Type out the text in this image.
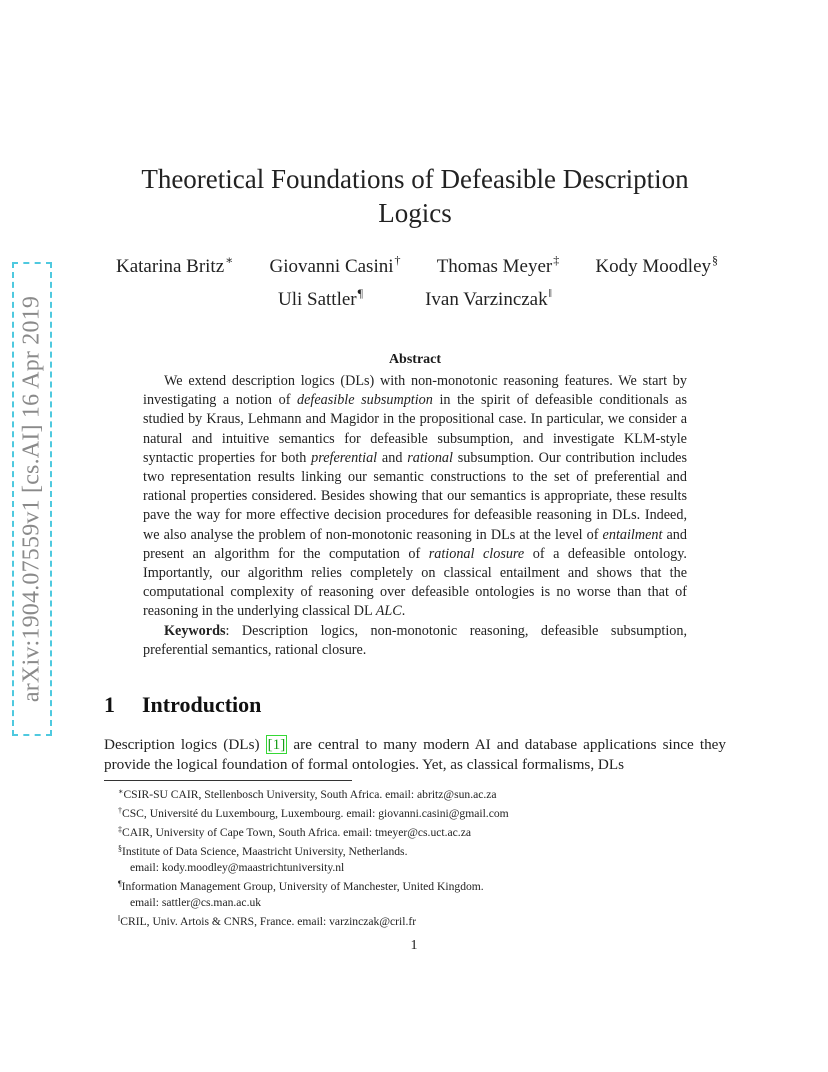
arXiv:1904.07559v1 [cs.AI] 16 Apr 2019
Theoretical Foundations of Defeasible Description Logics
Katarina Britz∗ Giovanni Casini† Thomas Meyer‡ Kody Moodley§
Uli Sattler¶	Ivan Varzinczak‖
Abstract

We extend description logics (DLs) with non-monotonic reasoning features. We start by investigating a notion of defeasible subsumption in the spirit of defeasible conditionals as studied by Kraus, Lehmann and Magidor in the propositional case. In particular, we consider a natural and intuitive semantics for defeasible subsumption, and investigate KLM-style syntactic properties for both preferential and rational subsumption. Our contribution includes two representation results linking our semantic constructions to the set of preferential and rational properties considered. Besides showing that our semantics is appropriate, these results pave the way for more effective decision procedures for defeasible reasoning in DLs. Indeed, we also analyse the problem of non-monotonic reasoning in DLs at the level of entailment and present an algorithm for the computation of rational closure of a defeasible ontology. Importantly, our algorithm relies completely on classical entailment and shows that the computational complexity of reasoning over defeasible ontologies is no worse than that of reasoning in the underlying classical DL ALC.

Keywords: Description logics, non-monotonic reasoning, defeasible subsumption, preferential semantics, rational closure.

1 Introduction
Description logics (DLs) [1] are central to many modern AI and database applications since they provide the logical foundation of formal ontologies. Yet, as classical formalisms, DLs

∗CSIR-SU CAIR, Stellenbosch University, South Africa. email: abritz@sun.ac.za

†CSC, Université du Luxembourg, Luxembourg. email: giovanni.casini@gmail.com

‡CAIR, University of Cape Town, South Africa. email: tmeyer@cs.uct.ac.za

§Institute of Data Science, Maastricht University, Netherlands.

email: kody.moodley@maastrichtuniversity.nl

¶Information Management Group, University of Manchester, United Kingdom.

email: sattler@cs.man.ac.uk

‖CRIL, Univ. Artois & CNRS, France. email: varzinczak@cril.fr

1
